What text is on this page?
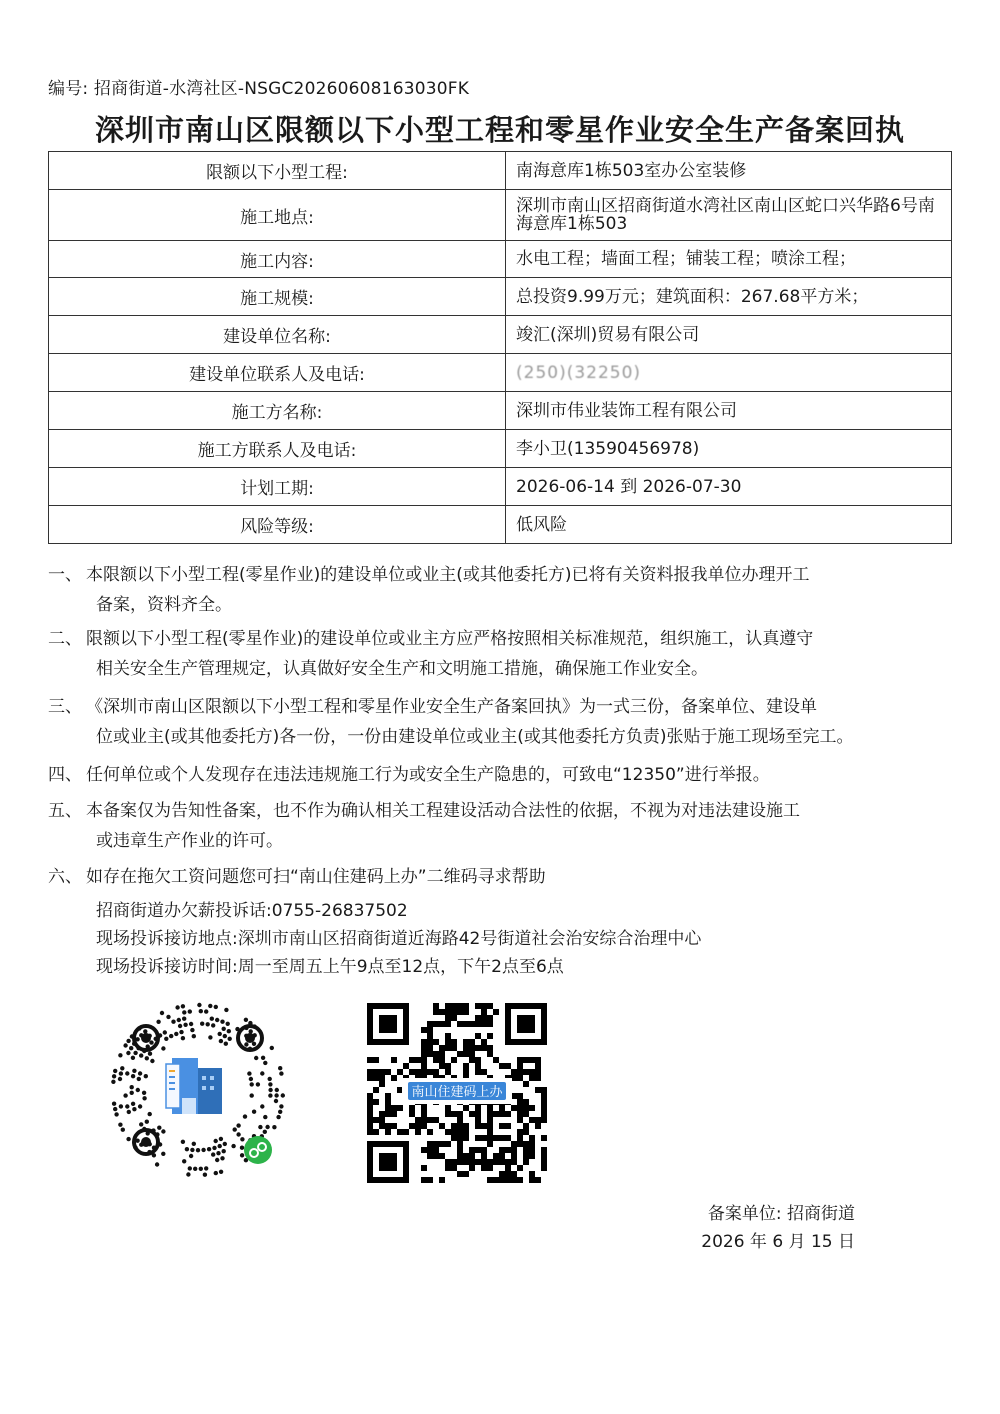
编号: 招商街道-水湾社区-NSGC20260608163030FK
深圳市南山区限额以下小型工程和零星作业安全生产备案回执
限额以下小型工程:	南海意库1栋503室办公室装修
施工地点:	深圳市南山区招商街道水湾社区南山区蛇口兴华路6号南海意库1栋503
施工内容:	水电工程；墙面工程；铺装工程；喷涂工程；
施工规模:	总投资9.99万元；建筑面积：267.68平方米；
建设单位名称:	竣汇(深圳)贸易有限公司
建设单位联系人及电话:	(250)(32250)
施工方名称:	深圳市伟业装饰工程有限公司
施工方联系人及电话:	李小卫(13590456978)
计划工期:	2026-06-14 到 2026-07-30
风险等级:	低风险
一、 本限额以下小型工程(零星作业)的建设单位或业主(或其他委托方)已将有关资料报我单位办理开工
备案，资料齐全。
二、 限额以下小型工程(零星作业)的建设单位或业主方应严格按照相关标准规范，组织施工，认真遵守
相关安全生产管理规定，认真做好安全生产和文明施工措施，确保施工作业安全。
三、 《深圳市南山区限额以下小型工程和零星作业安全生产备案回执》为一式三份，备案单位、建设单
位或业主(或其他委托方)各一份，一份由建设单位或业主(或其他委托方负责)张贴于施工现场至完工。
四、 任何单位或个人发现存在违法违规施工行为或安全生产隐患的，可致电“12350”进行举报。
五、 本备案仅为告知性备案，也不作为确认相关工程建设活动合法性的依据，不视为对违法建设施工
或违章生产作业的许可。
六、 如存在拖欠工资问题您可扫“南山住建码上办”二维码寻求帮助
招商街道办欠薪投诉话:0755-26837502
现场投诉接访地点:深圳市南山区招商街道近海路42号街道社会治安综合治理中心
现场投诉接访时间:周一至周五上午9点至12点，下午2点至6点
南山住建码上办
备案单位: 招商街道
2026 年 6 月 15 日
